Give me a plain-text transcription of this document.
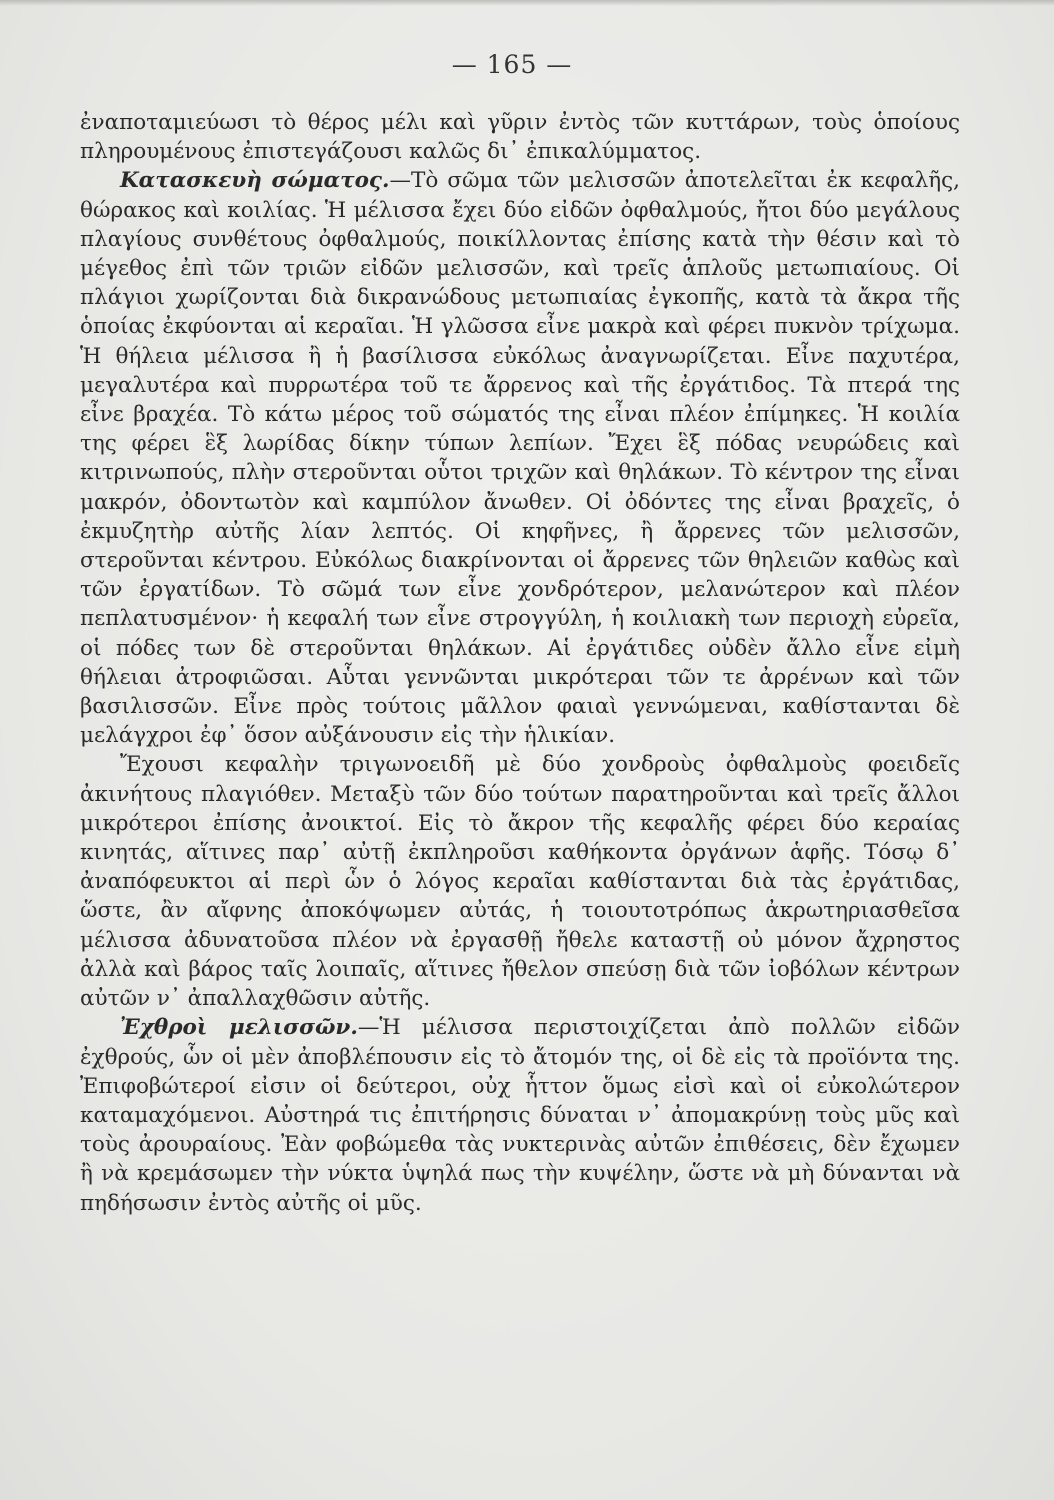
— 165 —

ἐναποταμιεύωσι τὸ θέρος μέλι καὶ γῦριν ἐντὸς τῶν κυττάρων, τοὺς ὁποίους πληρουμένους ἐπιστεγάζουσι καλῶς δι᾽ ἐπικαλύμματος.

Κατασκευὴ σώματος.—Τὸ σῶμα τῶν μελισσῶν ἀποτελεῖται ἐκ κεφαλῆς, θώρακος καὶ κοιλίας. Ἡ μέλισσα ἔχει δύο εἰδῶν ὀφθαλμούς, ἤτοι δύο μεγάλους πλαγίους συνθέτους ὀφθαλμούς, ποικίλλοντας ἐπίσης κατὰ τὴν θέσιν καὶ τὸ μέγεθος ἐπὶ τῶν τριῶν εἰδῶν μελισσῶν, καὶ τρεῖς ἁπλοῦς μετωπιαίους. Οἱ πλάγιοι χωρίζονται διὰ δικρανώδους μετωπιαίας ἐγκοπῆς, κατὰ τὰ ἄκρα τῆς ὁποίας ἐκφύονται αἱ κεραῖαι. Ἡ γλῶσσα εἶνε μακρὰ καὶ φέρει πυκνὸν τρίχωμα. Ἡ θήλεια μέλισσα ἢ ἡ βασίλισσα εὐκόλως ἀναγνωρίζεται. Εἶνε παχυτέρα, μεγαλυτέρα καὶ πυρρωτέρα τοῦ τε ἄρρενος καὶ τῆς ἐργάτιδος. Τὰ πτερά της εἶνε βραχέα. Τὸ κάτω μέρος τοῦ σώματός της εἶναι πλέον ἐπίμηκες. Ἡ κοιλία της φέρει ἓξ λωρίδας δίκην τύπων λεπίων. Ἔχει ἓξ πόδας νευρώδεις καὶ κιτρινωπούς, πλὴν στεροῦνται οὗτοι τριχῶν καὶ θηλάκων. Τὸ κέντρον της εἶναι μακρόν, ὀδοντωτὸν καὶ καμπύλον ἄνωθεν. Οἱ ὀδόντες της εἶναι βραχεῖς, ὁ ἐκμυζητὴρ αὐτῆς λίαν λεπτός. Οἱ κηφῆνες, ἢ ἄρρενες τῶν μελισσῶν, στεροῦνται κέντρου. Εὐκόλως διακρίνονται οἱ ἄρρενες τῶν θηλειῶν καθὼς καὶ τῶν ἐργατίδων. Τὸ σῶμά των εἶνε χονδρότερον, μελανώτερον καὶ πλέον πεπλατυσμένον· ἡ κεφαλή των εἶνε στρογγύλη, ἡ κοιλιακὴ των περιοχὴ εὐρεῖα, οἱ πόδες των δὲ στεροῦνται θηλάκων. Αἱ ἐργάτιδες οὐδὲν ἄλλο εἶνε εἰμὴ θήλειαι ἀτροφιῶσαι. Αὗται γεννῶνται μικρότεραι τῶν τε ἀρρένων καὶ τῶν βασιλισσῶν. Εἶνε πρὸς τούτοις μᾶλλον φαιαὶ γεννώμεναι, καθίστανται δὲ μελάγχροι ἐφ᾽ ὅσον αὐξάνουσιν εἰς τὴν ἡλικίαν.

Ἔχουσι κεφαλὴν τριγωνοειδῆ μὲ δύο χονδροὺς ὀφθαλμοὺς φοειδεῖς ἀκινήτους πλαγιόθεν. Μεταξὺ τῶν δύο τούτων παρατηροῦνται καὶ τρεῖς ἄλλοι μικρότεροι ἐπίσης ἀνοικτοί. Εἰς τὸ ἄκρον τῆς κεφαλῆς φέρει δύο κεραίας κινητάς, αἵτινες παρ᾽ αὐτῇ ἐκπληροῦσι καθήκοντα ὀργάνων ἁφῆς. Τόσῳ δ᾽ ἀναπόφευκτοι αἱ περὶ ὧν ὁ λόγος κεραῖαι καθίστανται διὰ τὰς ἐργάτιδας, ὥστε, ἂν αἴφνης ἀποκόψωμεν αὐτάς, ἡ τοιουτοτρόπως ἀκρωτηριασθεῖσα μέλισσα ἀδυνατοῦσα πλέον νὰ ἐργασθῇ ἤθελε καταστῇ οὐ μόνον ἄχρηστος ἀλλὰ καὶ βάρος ταῖς λοιπαῖς, αἵτινες ἤθελον σπεύσῃ διὰ τῶν ἰοβόλων κέντρων αὐτῶν ν᾽ ἀπαλλαχθῶσιν αὐτῆς.

Ἐχθροὶ μελισσῶν.—Ἡ μέλισσα περιστοιχίζεται ἀπὸ πολλῶν εἰδῶν ἐχθρούς, ὧν οἱ μὲν ἀποβλέπουσιν εἰς τὸ ἄτομόν της, οἱ δὲ εἰς τὰ προϊόντα της. Ἐπιφοβώτεροί εἰσιν οἱ δεύτεροι, οὐχ ἧττον ὅμως εἰσὶ καὶ οἱ εὐκολώτερον καταμαχόμενοι. Αὐστηρά τις ἐπιτήρησις δύναται ν᾽ ἀπομακρύνῃ τοὺς μῦς καὶ τοὺς ἀρουραίους. Ἐὰν φοβώμεθα τὰς νυκτερινὰς αὐτῶν ἐπιθέσεις, δὲν ἔχωμεν ἢ νὰ κρεμάσωμεν τὴν νύκτα ὑψηλά πως τὴν κυψέλην, ὥστε νὰ μὴ δύνανται νὰ πηδήσωσιν ἐντὸς αὐτῆς οἱ μῦς.
